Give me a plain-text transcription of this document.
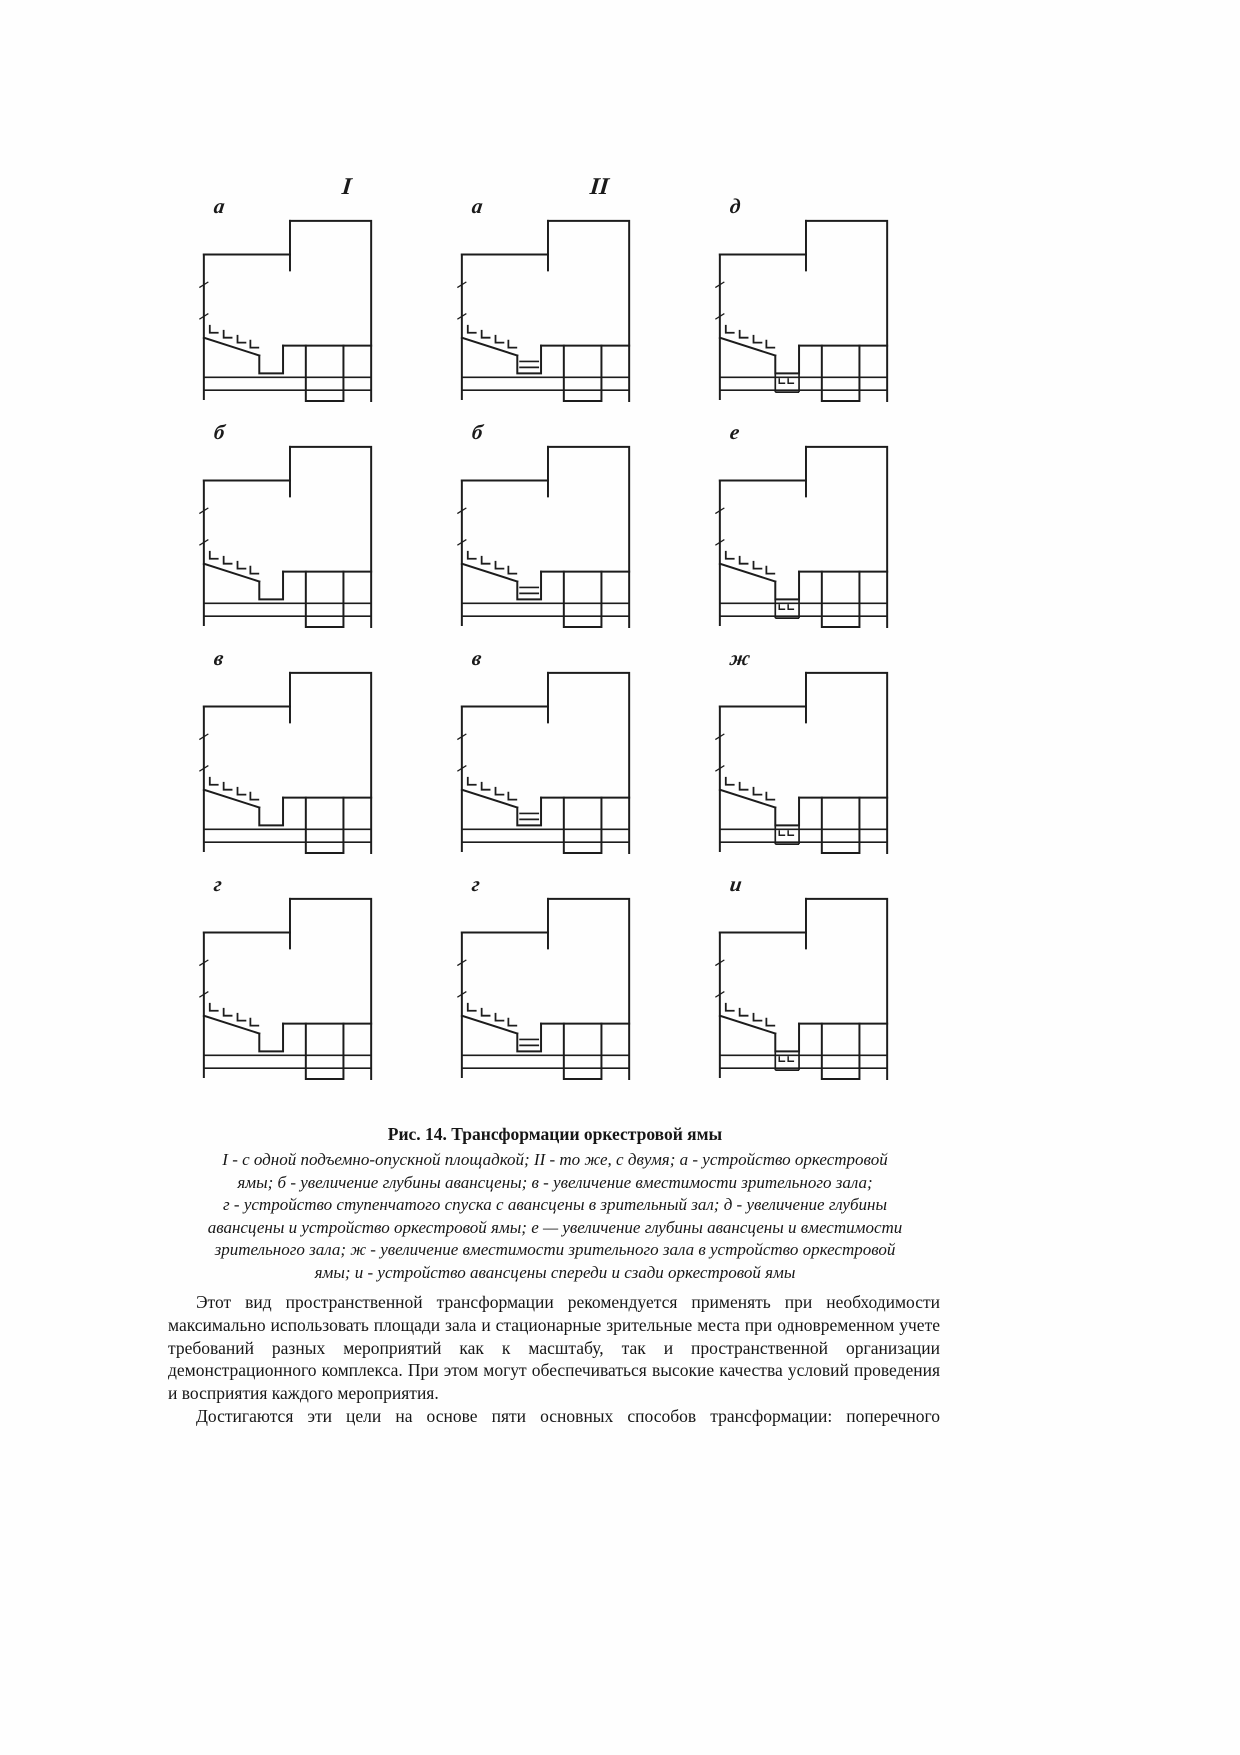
I	II
а	а	д
б	б	е
в	в	ж
г	г	и

Рис. 14. Трансформации оркестровой ямы

I - с одной подъемно-опускной площадкой; II - то же, с двумя; а - устройство оркестровой
ямы; б - увеличение глубины авансцены; в - увеличение вместимости зрительного зала;
г - устройство ступенчатого спуска с авансцены в зрительный зал; д - увеличение глубины
авансцены и устройство оркестровой ямы; е — увеличение глубины авансцены и вместимости
зрительного зала; ж - увеличение вместимости зрительного зала в устройство оркестровой
ямы; и - устройство авансцены спереди и сзади оркестровой ямы

Этот вид пространственной трансформации рекомендуется применять при необходимости максимально использовать площади зала и стационарные зрительные места при одновременном учете требований разных мероприятий как к масштабу, так и пространственной организации демонстрационного комплекса. При этом могут обеспечиваться высокие качества условий проведения и восприятия каждого мероприятия.

Достигаются эти цели на основе пяти основных способов трансформации: поперечного
